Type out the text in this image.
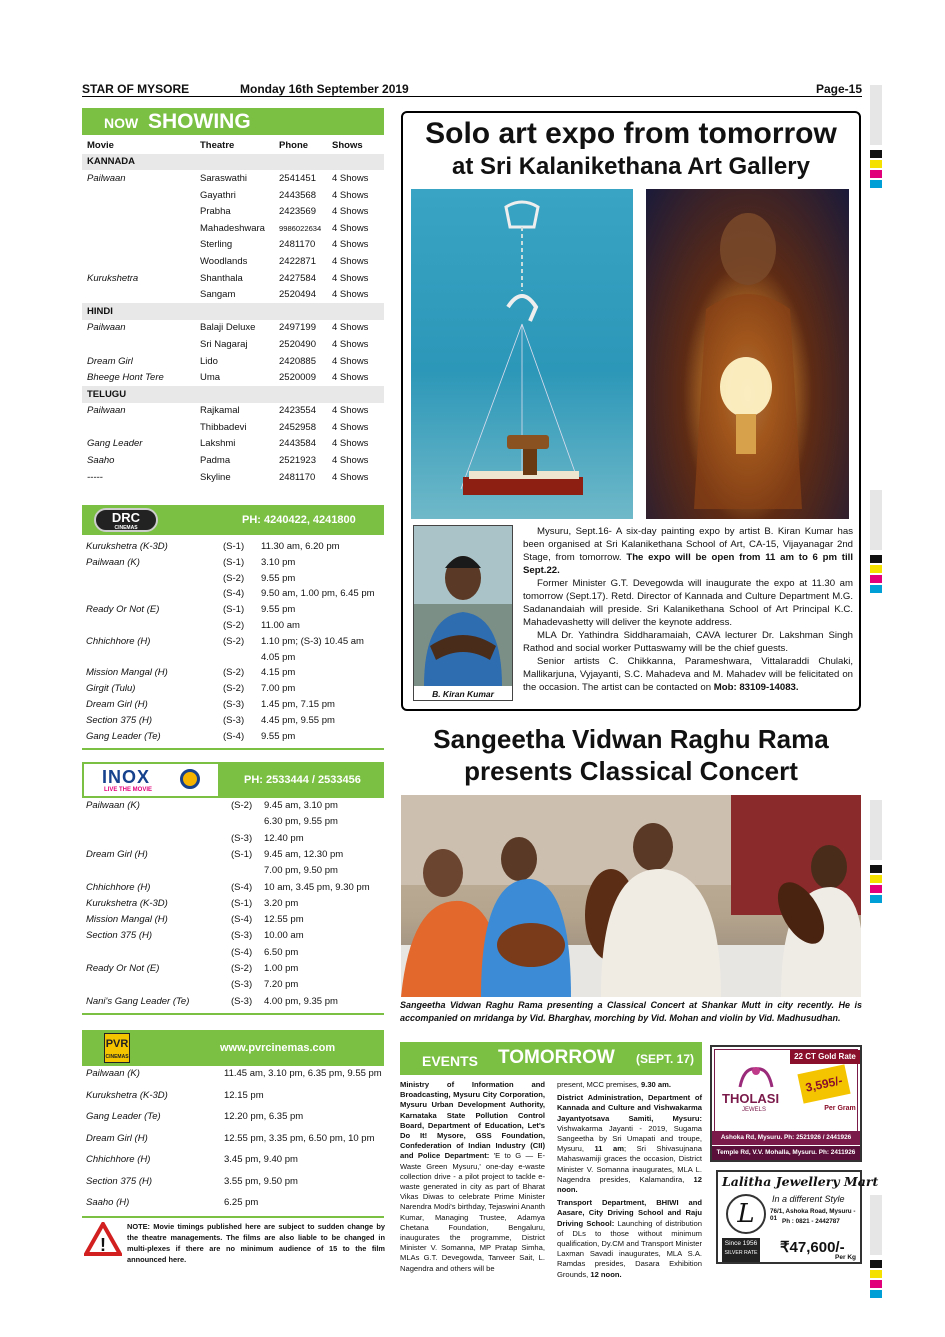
STAR OF MYSORE	Monday 16th September 2019	Page-15
NOW SHOWING
Movie	Theatre	Phone	Shows
KANNADA			
Pailwaan	Saraswathi	2541451	4 Shows
	Gayathri	2443568	4 Shows
	Prabha	2423569	4 Shows
	Mahadeshwara	9986022634	4 Shows
	Sterling	2481170	4 Shows
	Woodlands	2422871	4 Shows
Kurukshetra	Shanthala	2427584	4 Shows
	Sangam	2520494	4 Shows
HINDI			
Pailwaan	Balaji Deluxe	2497199	4 Shows
	Sri Nagaraj	2520490	4 Shows
Dream Girl	Lido	2420885	4 Shows
Bheege Hont Tere	Uma	2520009	4 Shows
TELUGU			
Pailwaan	Rajkamal	2423554	4 Shows
	Thibbadevi	2452958	4 Shows
Gang Leader	Lakshmi	2443584	4 Shows
Saaho	Padma	2521923	4 Shows
-----	Skyline	2481170	4 Shows
DRC
CINEMAS
PH: 4240422, 4241800
Kurukshetra (K-3D)	(S-1) 11.30 am, 6.20 pm
Pailwaan (K)	(S-1) 3.10 pm
(S-2) 9.55 pm
(S-4) 9.50 am, 1.00 pm, 6.45 pm
Ready Or Not (E)	(S-1) 9.55 pm
(S-2) 11.00 am
Chhichhore (H)	(S-2) 1.10 pm; (S-3) 10.45 am
4.05 pm
Mission Mangal (H)	(S-2) 4.15 pm
Girgit (Tulu)	(S-2) 7.00 pm
Dream Girl (H)	(S-3) 1.45 pm, 7.15 pm
Section 375 (H)	(S-3) 4.45 pm, 9.55 pm
Gang Leader (Te)	(S-4) 9.55 pm
INOX
LIVE THE MOVIE
PH: 2533444 / 2533456
Pailwaan (K)	(S-2) 9.45 am, 3.10 pm
6.30 pm, 9.55 pm
(S-3) 12.40 pm
Dream Girl (H)	(S-1) 9.45 am, 12.30 pm
7.00 pm, 9.50 pm
Chhichhore (H)	(S-4) 10 am, 3.45 pm, 9.30 pm
Kurukshetra (K-3D)	(S-1) 3.20 pm
Mission Mangal (H)	(S-4) 12.55 pm
Section 375 (H)	(S-3) 10.00 am
(S-4) 6.50 pm
Ready Or Not (E)	(S-2) 1.00 pm
(S-3) 7.20 pm
Nani's Gang Leader (Te)	(S-3) 4.00 pm, 9.35 pm
PVR
CINEMAS
www.pvrcinemas.com
Pailwaan (K)	11.45 am, 3.10 pm, 6.35 pm, 9.55 pm
Kurukshetra (K-3D)	12.15 pm
Gang Leader (Te)	12.20 pm, 6.35 pm
Dream Girl (H)	12.55 pm, 3.35 pm, 6.50 pm, 10 pm
Chhichhore (H)	3.45 pm, 9.40 pm
Section 375 (H)	3.55 pm, 9.50 pm
Saaho (H)	6.25 pm
!
NOTE: Movie timings published here are subject to sudden change by the theatre managements. The films are also liable to be changed in multi-plexes if there are no minimum audience of 15 to the film announced here.
Solo art expo from tomorrow
at Sri Kalanikethana Art Gallery
B. Kiran Kumar

Mysuru, Sept.16- A six-day painting expo by artist B. Kiran Kumar has been organised at Sri Kalanikethana School of Art, CA-15, Vijayanagar 2nd Stage, from tomorrow. The expo will be open from 11 am to 6 pm till Sept.22.

Former Minister G.T. Devegowda will inaugurate the expo at 11.30 am tomorrow (Sept.17). Retd. Director of Kannada and Culture Department M.G. Sadanandaiah will preside. Sri Kalanikethana School of Art Principal K.C. Mahadevashetty will deliver the keynote address.

MLA Dr. Yathindra Siddharamaiah, CAVA lecturer Dr. Lakshman Singh Rathod and social worker Puttaswamy will be the chief guests.

Senior artists C. Chikkanna, Parameshwara, Vittalaraddi Chulaki, Mallikarjuna, Vyjayanti, S.C. Mahadeva and M. Mahadev will be felicitated on the occasion. The artist can be contacted on Mob: 83109-14083.

Sangeetha Vidwan Raghu Rama
presents Classical Concert
Sangeetha Vidwan Raghu Rama presenting a Classical Concert at Shankar Mutt in city recently. He is accompanied on mridanga by Vid. Bharghav, morching by Vid. Mohan and violin by Vid. Madhusudhan.
EVENTS TOMORROW (SEPT. 17)
Ministry of Information and Broadcasting, Mysuru City Corporation, Mysuru Urban Development Authority, Karnataka State Pollution Control Board, Department of Education, Let's Do It! Mysore, GSS Foundation, Confederation of Indian Industry (CII) and Police Department: 'E to G — E-Waste Green Mysuru,' one-day e-waste collection drive - a pilot project to tackle e-waste generated in city as part of Bharat Vikas Diwas to celebrate Prime Minister Narendra Modi's birthday, Tejaswini Ananth Kumar, Managing Trustee, Adamya Chetana Foundation, Bengaluru, inaugurates the programme, District Minister V. Somanna, MP Pratap Simha, MLAs G.T. Devegowda, Tanveer Sait, L. Nagendra and others will be

present, MCC premises, 9.30 am.

District Administration, Department of Kannada and Culture and Vishwakarma Jayantyotsava Samiti, Mysuru: Vishwakarma Jayanti - 2019, Sugama Sangeetha by Sri Umapati and troupe, Mysuru, 11 am; Sri Shivasujnana Mahaswamiji graces the occasion, District Minister V. Somanna inaugurates, MLA L. Nagendra presides, Kalamandira, 12 noon.

Transport Department, BHIWI and Aasare, City Driving School and Raju Driving School: Launching of distribution of DLs to those without minimum qualification, Dy.CM and Transport Minister Laxman Savadi inaugurates, MLA S.A. Ramdas presides, Dasara Exhibition Grounds, 12 noon.

22 CT Gold Rate
THOLASI
JEWELS
3,595/-
Per Gram
Ashoka Rd, Mysuru. Ph: 2521926 / 2441926
Temple Rd, V.V. Mohalla, Mysuru. Ph: 2411926
Lalitha Jewellery Mart
In a different Style
L	76/1, Ashoka Road, Mysuru - 01 Ph : 0821 - 2442787
Since 1956
SILVER RATE ₹47,600/-
Per Kg
